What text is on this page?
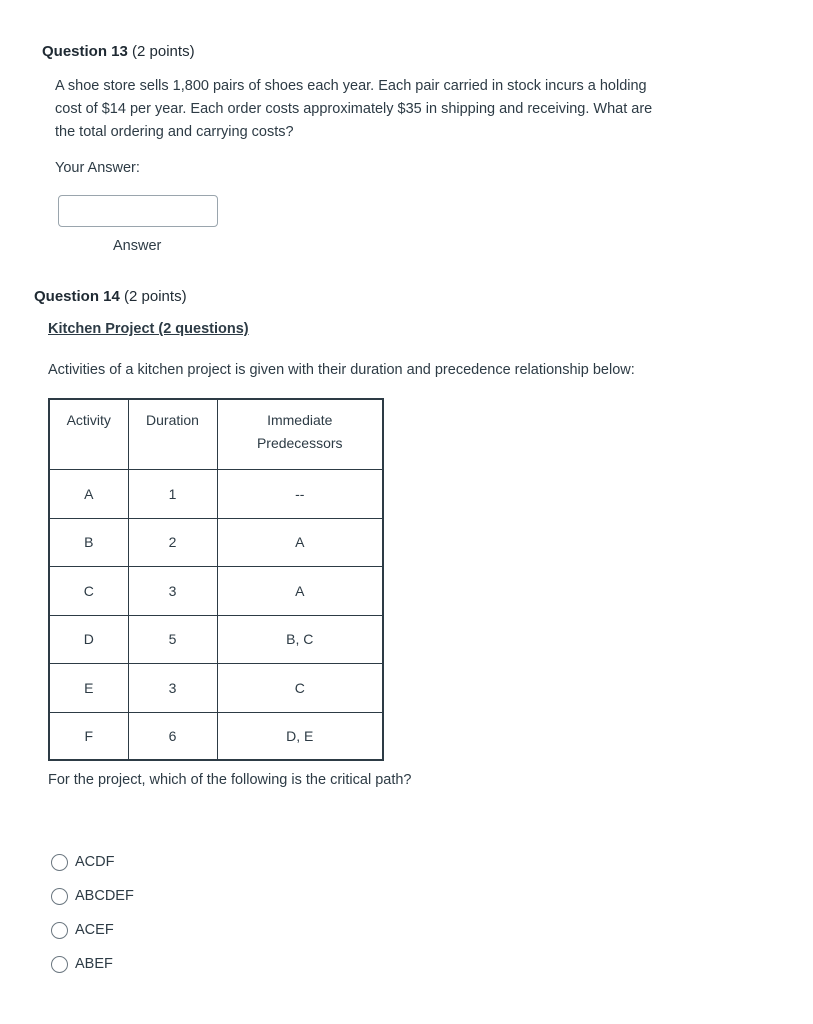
Question 13 (2 points)
A shoe store sells 1,800 pairs of shoes each year. Each pair carried in stock incurs a holding
cost of $14 per year. Each order costs approximately $35 in shipping and receiving. What are
the total ordering and carrying costs?
Your Answer:
Answer
Question 14 (2 points)
Kitchen Project (2 questions)
Activities of a kitchen project is given with their duration and precedence relationship below:
Activity	Duration	Immediate
Predecessors

A	1	--
B	2	A
C	3	A
D	5	B, C
E	3	C
F	6	D, E
For the project, which of the following is the critical path?
ACDF
ABCDEF
ACEF
ABEF
